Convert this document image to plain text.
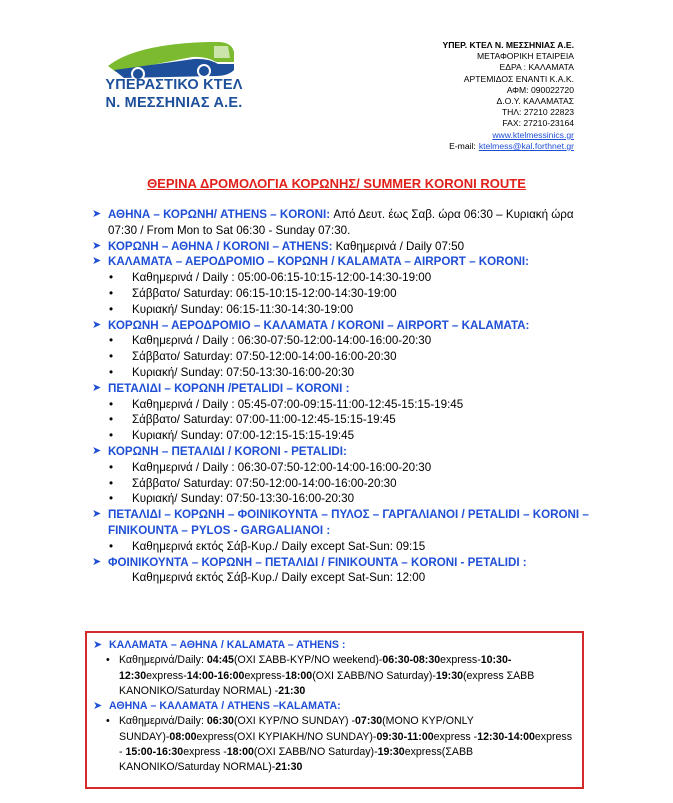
ΥΠΕΡΑΣΤΙΚΟ ΚΤΕΛ
Ν. ΜΕΣΣΗΝΙΑΣ Α.Ε.
ΥΠΕΡ. ΚΤΕΛ Ν. ΜΕΣΣΗΝΙΑΣ Α.Ε.
ΜΕΤΑΦΟΡΙΚΗ ΕΤΑΙΡΕΙΑ
ΕΔΡΑ : ΚΑΛΑΜΑΤΑ
ΑΡΤΕΜΙΔΟΣ ΕΝΑΝΤΙ Κ.Α.Κ.
ΑΦΜ: 090022720
Δ.Ο.Υ. ΚΑΛΑΜΑΤΑΣ
ΤΗΛ: 27210 22823
FAX: 27210-23164
www.ktelmessinics.gr
E-mail: ktelmess@kal.forthnet.gr
ΘΕΡΙΝΑ ΔΡΟΜΟΛΟΓΙΑ ΚΟΡΩΝΗΣ/ SUMMER KORONI ROUTE
➤ ΑΘΗΝΑ – ΚΟΡΩΝΗ/ ATHENS – KORONI: Από Δευτ. έως Σαβ. ώρα 06:30 – Κυριακή ώρα 07:30 / From Mon to Sat 06:30 - Sunday 07:30.
➤ ΚΟΡΩΝΗ – ΑΘΗΝΑ / KORONI – ATHENS: Καθημερινά / Daily 07:50
➤ ΚΑΛΑΜΑΤΑ – ΑΕΡΟΔΡΟΜΙΟ – ΚΟΡΩΝΗ / KALAMATA – AIRPORT – KORONI:
• Καθημερινά / Daily : 05:00-06:15-10:15-12:00-14:30-19:00
• Σάββατο/ Saturday: 06:15-10:15-12:00-14:30-19:00
• Κυριακή/ Sunday: 06:15-11:30-14:30-19:00
➤ ΚΟΡΩΝΗ – ΑΕΡΟΔΡΟΜΙΟ – ΚΑΛΑΜΑΤΑ / KORONI – AIRPORT – KALAMATA:
• Καθημερινά / Daily : 06:30-07:50-12:00-14:00-16:00-20:30
• Σάββατο/ Saturday: 07:50-12:00-14:00-16:00-20:30
• Κυριακή/ Sunday: 07:50-13:30-16:00-20:30
➤ ΠΕΤΑΛΙΔΙ – ΚΟΡΩΝΗ /PETALIDI – KORONI :
• Καθημερινά / Daily : 05:45-07:00-09:15-11:00-12:45-15:15-19:45
• Σάββατο/ Saturday: 07:00-11:00-12:45-15:15-19:45
• Κυριακή/ Sunday: 07:00-12:15-15:15-19:45
➤ ΚΟΡΩΝΗ – ΠΕΤΑΛΙΔΙ / KORONI - PETALIDI:
• Καθημερινά / Daily : 06:30-07:50-12:00-14:00-16:00-20:30
• Σάββατο/ Saturday: 07:50-12:00-14:00-16:00-20:30
• Κυριακή/ Sunday: 07:50-13:30-16:00-20:30
➤ ΠΕΤΑΛΙΔΙ – ΚΟΡΩΝΗ – ΦΟΙΝΙΚΟΥΝΤΑ – ΠΥΛΟΣ – ΓΑΡΓΑΛΙΑΝΟΙ / PETALIDI – KORONI – FINIKOUNTA – PYLOS - GARGALIANOI :
• Καθημερινά εκτός Σάβ-Κυρ./ Daily except Sat-Sun: 09:15
➤ ΦΟΙΝΙΚΟΥΝΤΑ – ΚΟΡΩΝΗ – ΠΕΤΑΛΙΔΙ / FINIKOUNTA – KORONI - PETALIDI :
Καθημερινά εκτός Σάβ-Κυρ./ Daily except Sat-Sun: 12:00
➤ ΚΑΛΑΜΑΤΑ – ΑΘΗΝΑ / KALAMATA – ATHENS :
• Καθημερινά/Daily: 04:45(ΟΧΙ ΣΑΒΒ-ΚΥΡ/NO weekend)-06:30-08:30express-10:30-12:30express-14:00-16:00express-18:00(ΟΧΙ ΣΑΒΒ/NO Saturday)-19:30(express ΣΑΒΒ ΚΑΝΟΝΙΚΟ/Saturday NORMAL) -21:30
➤ ΑΘΗΝΑ – ΚΑΛΑΜΑΤΑ / ATHENS –KALAMATA:
• Καθημερινά/Daily: 06:30(ΟΧΙ ΚΥΡ/NO SUNDAY) -07:30(ΜΟΝΟ ΚΥΡ/ONLY SUNDAY)-08:00express(ΟΧΙ ΚΥΡΙΑΚΗ/NO SUNDAY)-09:30-11:00express -12:30-14:00express - 15:00-16:30express -18:00(ΟΧΙ ΣΑΒΒ/NO Saturday)-19:30express(ΣΑΒΒ ΚΑΝΟΝΙΚΟ/Saturday NORMAL)-21:30
